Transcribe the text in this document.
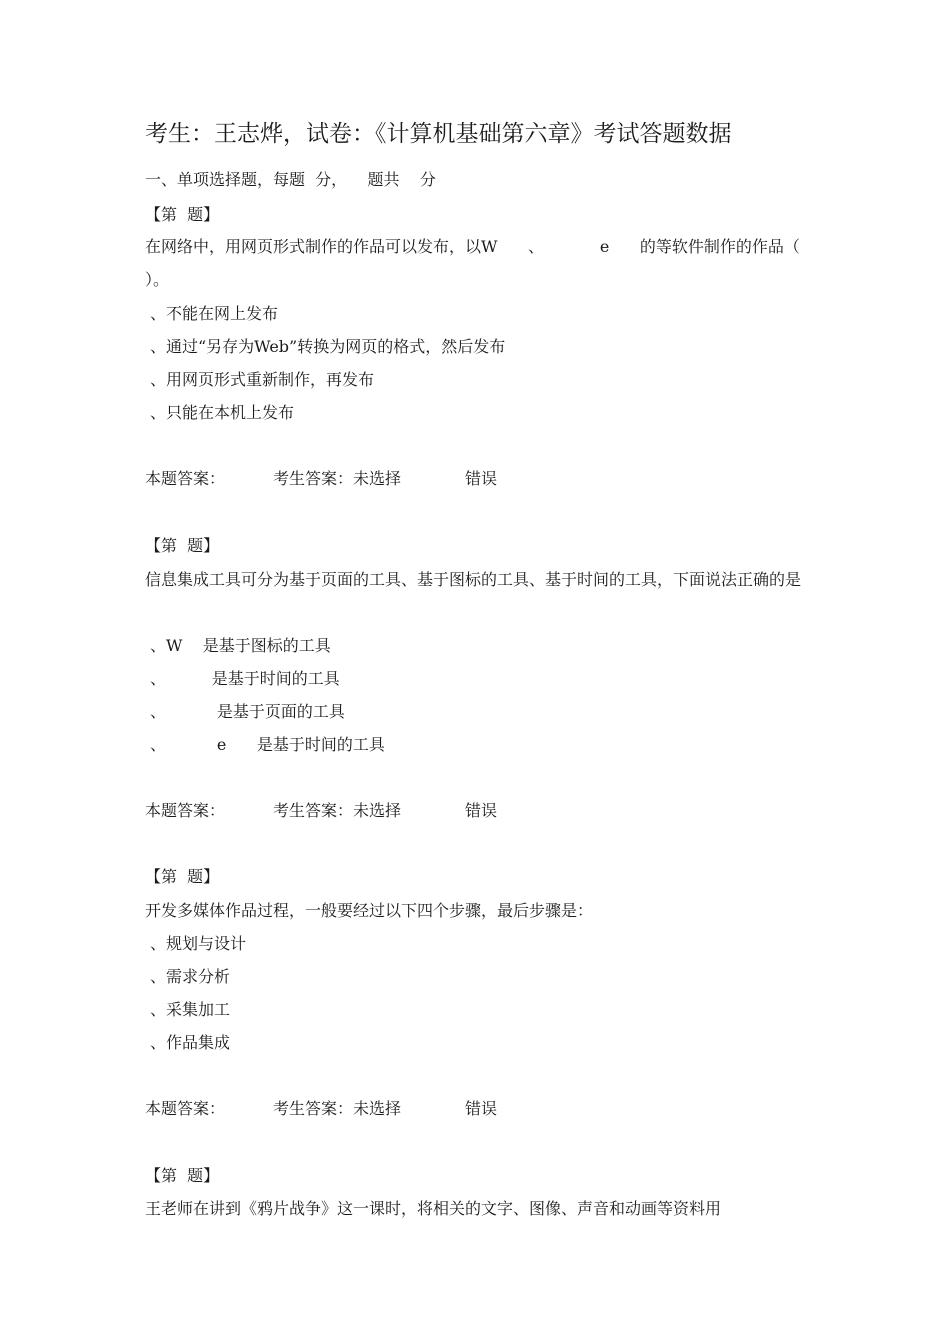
考生：王志烨，试卷：《计算机基础第六章》考试答题数据
一、单项选择题，每题  分，    题共    分
【第  题】
在网络中，用网页形式制作的作品可以发布，以W      、           e      的等软件制作的作品（    ）。
、不能在网上发布
、通过“另存为Web”转换为网页的格式，然后发布
、用网页形式重新制作，再发布
、只能在本机上发布
本题答案：	考生答案：未选择	错误
【第  题】
信息集成工具可分为基于页面的工具、基于图标的工具、基于时间的工具，下面说法正确的是
、W    是基于图标的工具
、         是基于时间的工具
、          是基于页面的工具
、          e      是基于时间的工具
本题答案：	考生答案：未选择	错误
【第  题】
开发多媒体作品过程，一般要经过以下四个步骤，最后步骤是：
、规划与设计
、需求分析
、采集加工
、作品集成
本题答案：	考生答案：未选择	错误
【第  题】
王老师在讲到《鸦片战争》这一课时，将相关的文字、图像、声音和动画等资料用
